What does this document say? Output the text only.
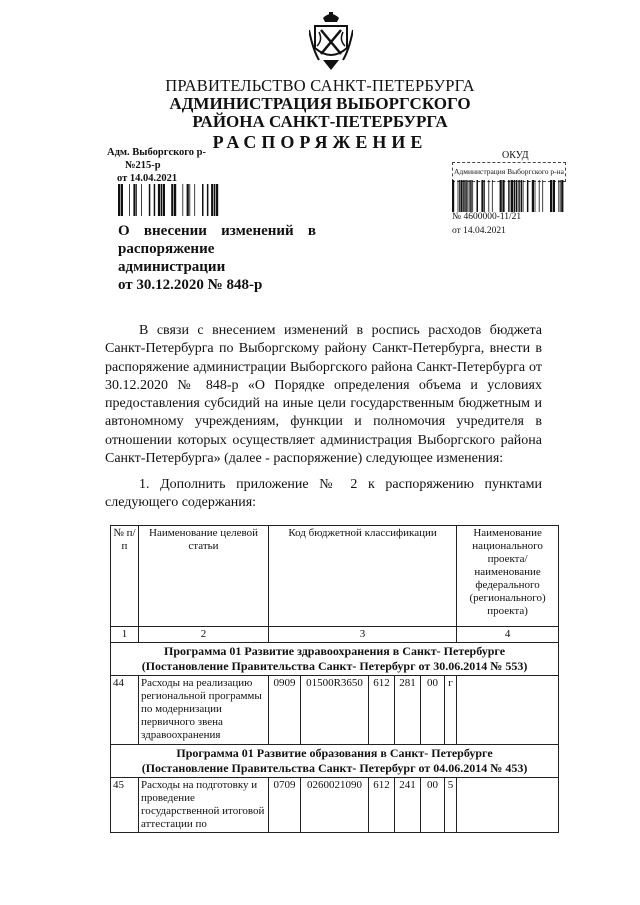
ПРАВИТЕЛЬСТВО САНКТ-ПЕТЕРБУРГА
АДМИНИСТРАЦИЯ ВЫБОРГСКОГО
РАЙОНА САНКТ-ПЕТЕРБУРГА
РАСПОРЯЖЕНИЕ
Адм. Выборгского р-
№215-р
от 14.04.2021
ОКУД
Администрация Выборгского р-на
№ 4600000-11/21
от 14.04.2021
О внесении изменений в
распоряжение администрации
от 30.12.2020 № 848-р
В связи с внесением изменений в роспись расходов бюджета Санкт-Петербурга по Выборгскому району Санкт-Петербурга, внести в распоряжение администрации Выборгского района Санкт-Петербурга от 30.12.2020 № 848-р «О Порядке определения объема и условиях предоставления субсидий на иные цели государственным бюджетным и автономному учреждениям, функции и полномочия учредителя в отношении которых осуществляет администрация Выборгского района Санкт-Петербурга» (далее - распоряжение) следующее изменения:
1. Дополнить приложение № 2 к распоряжению пунктами следующего содержания:
№ п/п	Наименование целевой статьи	Код бюджетной классификации						Наименование национального проекта/наименование федерального (регионального) проекта)
1	2	3						4
Программа 01 Развитие здравоохранения в Санкт- Петербурге
(Постановление Правительства Санкт- Петербург от 30.06.2014 № 553)								
44	Расходы на реализацию региональной программы по модернизации первичного звена здравоохранения	0909	01500R3650	612	281	00	г	
Программа 01 Развитие образования в Санкт- Петербурге
(Постановление Правительства Санкт- Петербург от 04.06.2014 № 453)								
45	Расходы на подготовку и проведение государственной итоговой аттестации по	0709	0260021090	612	241	00	5	
